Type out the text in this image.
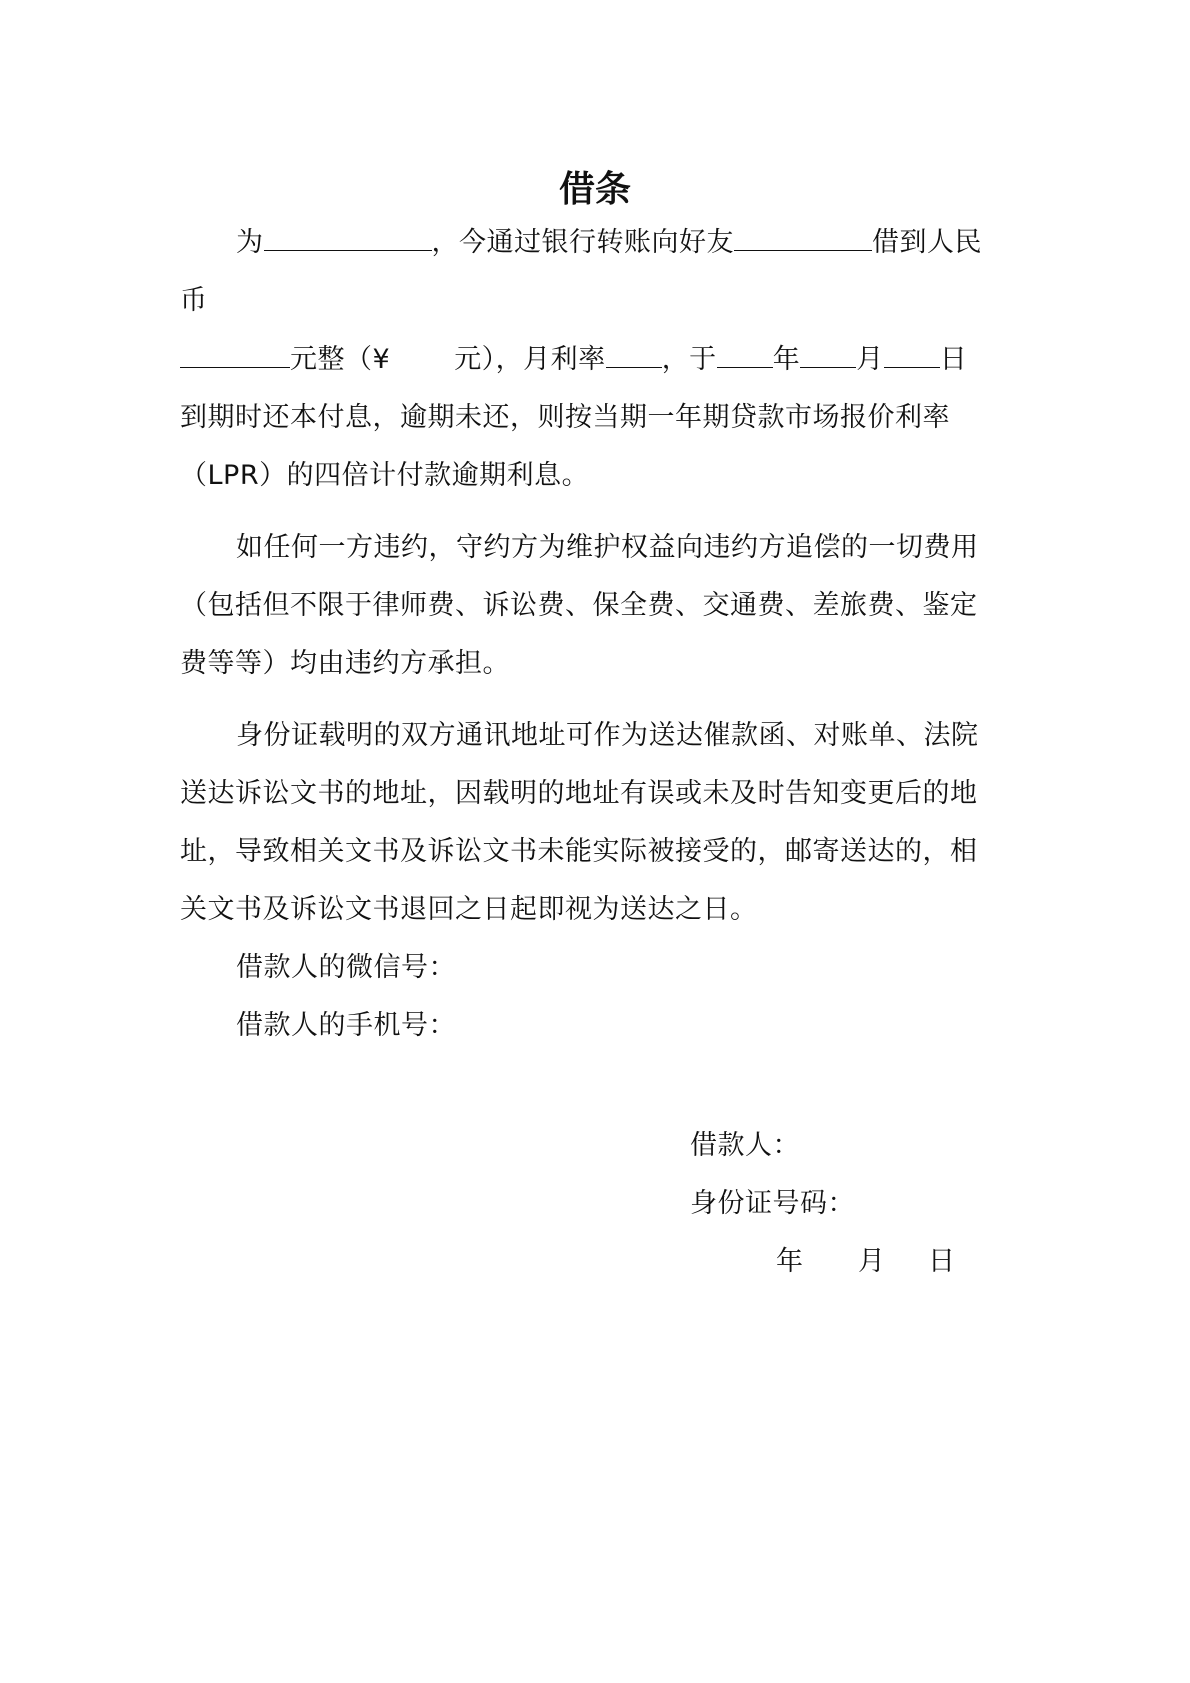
借条
为	，今通过银行转账向好友	借到人民
币
元整（¥ 元），月利率 ，于 年 月 日
到期时还本付息，逾期未还，则按当期一年期贷款市场报价利率
（LPR）的四倍计付款逾期利息。
如任何一方违约，守约方为维护权益向违约方追偿的一切费用
（包括但不限于律师费、诉讼费、保全费、交通费、差旅费、鉴定
费等等）均由违约方承担。
身份证载明的双方通讯地址可作为送达催款函、对账单、法院
送达诉讼文书的地址，因载明的地址有误或未及时告知变更后的地
址，导致相关文书及诉讼文书未能实际被接受的，邮寄送达的，相
关文书及诉讼文书退回之日起即视为送达之日。
借款人的微信号：
借款人的手机号：
借款人：
身份证号码：
年 月 日
